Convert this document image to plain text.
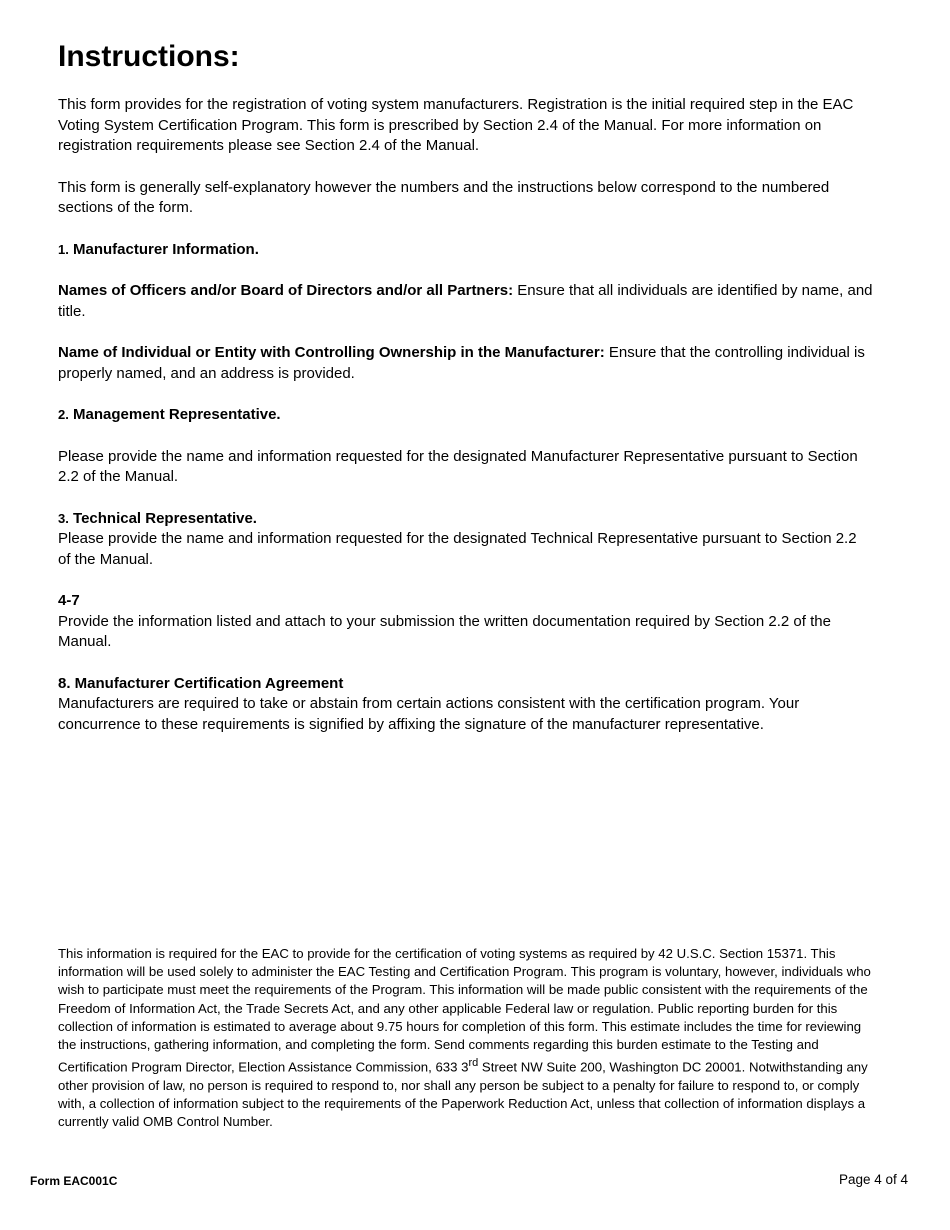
Instructions:

This form provides for the registration of voting system manufacturers. Registration is the initial required step in the EAC Voting System Certification Program. This form is prescribed by Section 2.4 of the Manual. For more information on registration requirements please see Section 2.4 of the Manual.

This form is generally self-explanatory however the numbers and the instructions below correspond to the numbered sections of the form.

1. Manufacturer Information.

Names of Officers and/or Board of Directors and/or all Partners: Ensure that all individuals are identified by name, and title.

Name of Individual or Entity with Controlling Ownership in the Manufacturer: Ensure that the controlling individual is properly named, and an address is provided.

2. Management Representative.

Please provide the name and information requested for the designated Manufacturer Representative pursuant to Section 2.2 of the Manual.

3. Technical Representative.

Please provide the name and information requested for the designated Technical Representative pursuant to Section 2.2 of the Manual.

4-7

Provide the information listed and attach to your submission the written documentation required by Section 2.2 of the Manual.

8. Manufacturer Certification Agreement

Manufacturers are required to take or abstain from certain actions consistent with the certification program. Your concurrence to these requirements is signified by affixing the signature of the manufacturer representative.

This information is required for the EAC to provide for the certification of voting systems as required by 42 U.S.C. Section 15371. This information will be used solely to administer the EAC Testing and Certification Program. This program is voluntary, however, individuals who wish to participate must meet the requirements of the Program. This information will be made public consistent with the requirements of the Freedom of Information Act, the Trade Secrets Act, and any other applicable Federal law or regulation. Public reporting burden for this collection of information is estimated to average about 9.75 hours for completion of this form. This estimate includes the time for reviewing the instructions, gathering information, and completing the form. Send comments regarding this burden estimate to the Testing and Certification Program Director, Election Assistance Commission, 633 3rd Street NW Suite 200, Washington DC 20001. Notwithstanding any other provision of law, no person is required to respond to, nor shall any person be subject to a penalty for failure to respond to, or comply with, a collection of information subject to the requirements of the Paperwork Reduction Act, unless that collection of information displays a currently valid OMB Control Number.
Form EAC001C	Page 4 of 4
